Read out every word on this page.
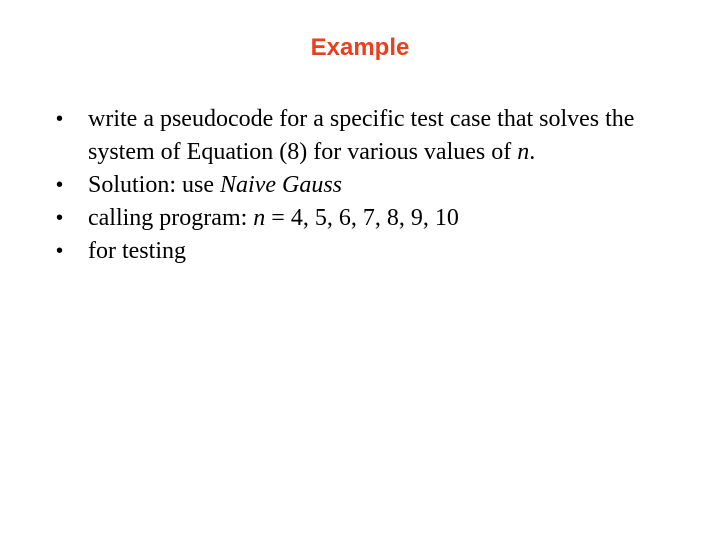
Example
•	write a pseudocode for a specific test case that solves the system of Equation (8) for various values of n.
•	Solution: use Naive Gauss
•	calling program: n = 4, 5, 6, 7, 8, 9, 10
•	for testing
